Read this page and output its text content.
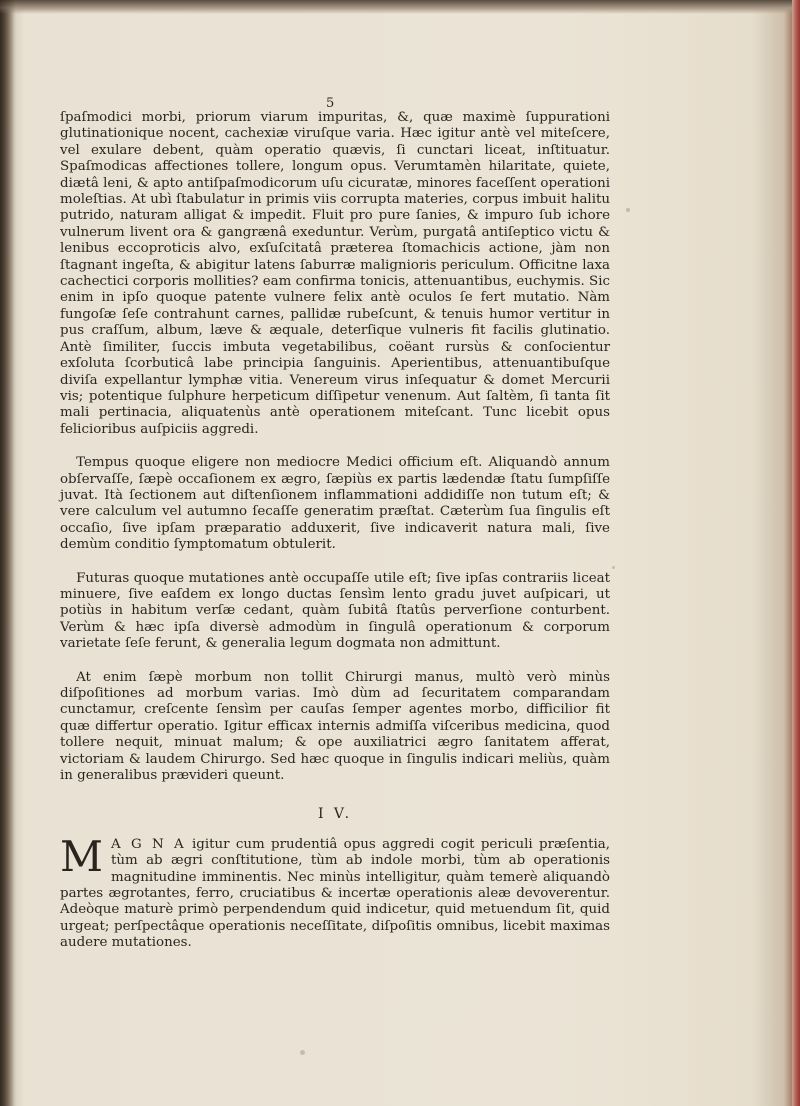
5

ſpaſmodici morbi, priorum viarum impuritas, &, quæ maximè ſuppurationi glutinationique nocent, cachexiæ viruſque varia. Hæc igitur antè vel miteſcere, vel exulare debent, quàm operatio quævis, ſi cunctari liceat, inſtituatur. Spaſmodicas affectiones tollere, longum opus. Verumtamèn hilaritate, quiete, diætâ leni, & apto antiſpaſmodicorum uſu cicuratæ, minores faceſſent operationi moleſtias. At ubì ſtabulatur in primis viis corrupta materies, corpus imbuit halitu putrido, naturam alligat & impedit. Fluit pro pure ſanies, & impuro ſub ichore vulnerum livent ora & gangrænâ exeduntur. Verùm, purgatâ antiſeptico victu & lenibus eccoproticis alvo, exſuſcitatâ præterea ſtomachicis actione, jàm non ſtagnant ingeſta, & abigitur latens ſaburræ malignioris periculum. Officitne laxa cachectici corporis mollities? eam confirma tonicis, attenuantibus, euchymis. Sic enim in ipſo quoque patente vulnere felix antè oculos ſe fert mutatio. Nàm fungoſæ ſeſe contrahunt carnes, pallidæ rubeſcunt, & tenuis humor vertitur in pus craſſum, album, læve & æquale, deterſique vulneris fit facilis glutinatio. Antè ſimiliter, ſuccis imbuta vegetabilibus, coëant rursùs & conſocientur exſoluta ſcorbuticâ labe principia ſanguinis. Aperientibus, attenuantibuſque diviſa expellantur lymphæ vitia. Venereum virus inſequatur & domet Mercurii vis; potentique ſulphure herpeticum diſſipetur venenum. Aut ſaltèm, ſi tanta ſit mali pertinacia, aliquatenùs antè operationem miteſcant. Tunc licebit opus felicioribus auſpiciis aggredi.

Tempus quoque eligere non mediocre Medici officium eſt. Aliquandò annum obſervaſſe, ſæpè occaſionem ex ægro, ſæpiùs ex partis lædendæ ſtatu ſumpſiſſe juvat. Ità ſectionem aut diſtenſionem inflammationi addidiſſe non tutum eſt; & vere calculum vel autumno ſecaſſe generatim præſtat. Cæterùm ſua ſingulis eſt occaſio, ſive ipſam præparatio adduxerit, ſive indicaverit natura mali, ſive demùm conditio ſymptomatum obtulerit.

Futuras quoque mutationes antè occupaſſe utile eſt; ſive ipſas contrariis liceat minuere, ſive eaſdem ex longo ductas ſensìm lento gradu juvet auſpicari, ut potiùs in habitum verſæ cedant, quàm ſubitâ ſtatûs perverſione conturbent. Verùm & hæc ipſa diversè admodùm in ſingulâ operationum & corporum varietate ſeſe ferunt, & generalia legum dogmata non admittunt.

At enim ſæpè morbum non tollit Chirurgi manus, multò verò minùs diſpoſitiones ad morbum varias. Imò dùm ad ſecuritatem comparandam cunctamur, creſcente ſensìm per cauſas ſemper agentes morbo, difficilior fit quæ differtur operatio. Igitur efficax internis admiſſa viſceribus medicina, quod tollere nequit, minuat malum; & ope auxiliatrici ægro ſanitatem afferat, victoriam & laudem Chirurgo. Sed hæc quoque in ſingulis indicari meliùs, quàm in generalibus prævideri queunt.

I V.

M A G N A igitur cum prudentiâ opus aggredi cogit periculi præſentia, tùm ab ægri conſtitutione, tùm ab indole morbi, tùm ab operationis magnitudine imminentis. Nec minùs intelligitur, quàm temerè aliquandò partes ægrotantes, ferro, cruciatibus & incertæ operationis aleæ devoverentur. Adeòque maturè primò perpendendum quid indicetur, quid metuendum ſit, quid urgeat; perſpectâque operationis neceſſitate, diſpoſitis omnibus, licebit maximas audere mutationes.
